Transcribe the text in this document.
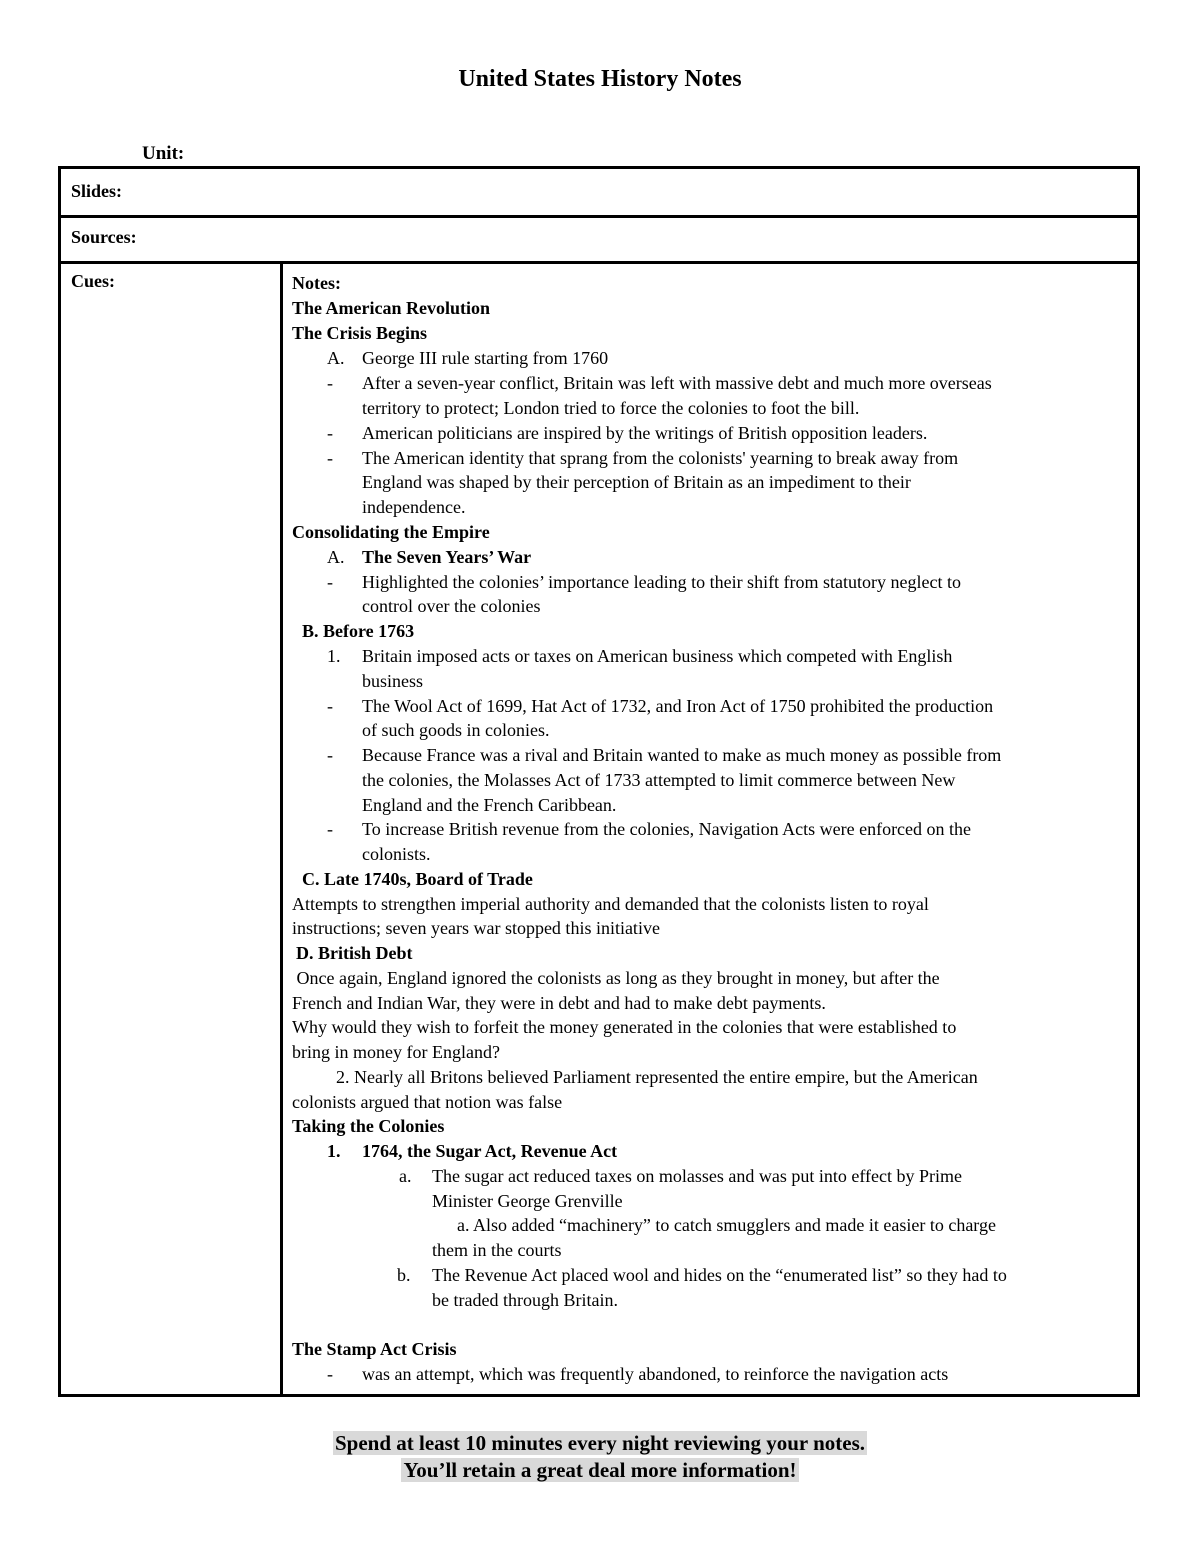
United States History Notes
Unit:
Slides:
Sources:
Cues:	Notes:
The American Revolution
The Crisis Begins
A. George III rule starting from 1760
- After a seven-year conflict, Britain was left with massive debt and much more overseas
territory to protect; London tried to force the colonies to foot the bill.
- American politicians are inspired by the writings of British opposition leaders.
- The American identity that sprang from the colonists' yearning to break away from
England was shaped by their perception of Britain as an impediment to their
independence.
Consolidating the Empire
A. The Seven Years’ War
- Highlighted the colonies’ importance leading to their shift from statutory neglect to
control over the colonies
B. Before 1763
1. Britain imposed acts or taxes on American business which competed with English
business
- The Wool Act of 1699, Hat Act of 1732, and Iron Act of 1750 prohibited the production
of such goods in colonies.
- Because France was a rival and Britain wanted to make as much money as possible from
the colonies, the Molasses Act of 1733 attempted to limit commerce between New
England and the French Caribbean.
- To increase British revenue from the colonies, Navigation Acts were enforced on the
colonists.
C. Late 1740s, Board of Trade
Attempts to strengthen imperial authority and demanded that the colonists listen to royal
instructions; seven years war stopped this initiative
D. British Debt
Once again, England ignored the colonists as long as they brought in money, but after the
French and Indian War, they were in debt and had to make debt payments.
Why would they wish to forfeit the money generated in the colonies that were established to
bring in money for England?
2. Nearly all Britons believed Parliament represented the entire empire, but the American
colonists argued that notion was false
Taking the Colonies
1. 1764, the Sugar Act, Revenue Act
a. The sugar act reduced taxes on molasses and was put into effect by Prime
Minister George Grenville
a. Also added “machinery” to catch smugglers and made it easier to charge
them in the courts
b. The Revenue Act placed wool and hides on the “enumerated list” so they had to
be traded through Britain.
The Stamp Act Crisis
- was an attempt, which was frequently abandoned, to reinforce the navigation acts
Spend at least 10 minutes every night reviewing your notes.
You’ll retain a great deal more information!
